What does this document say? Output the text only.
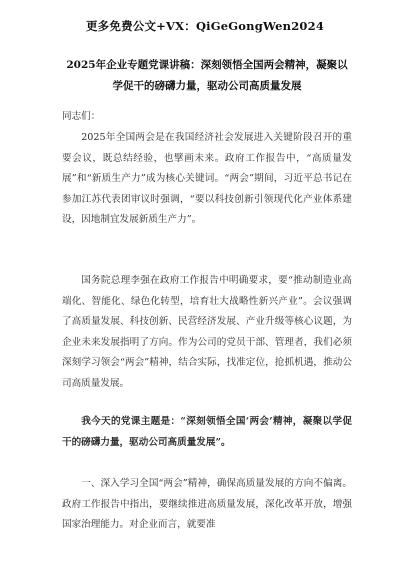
更多免费公文+VX：QiGeGongWen2024
2025年企业专题党课讲稿：深刻领悟全国两会精神，凝聚以学促干的磅礴力量，驱动公司高质量发展
同志们：

2025年全国两会是在我国经济社会发展进入关键阶段召开的重要会议，既总结经验，也擘画未来。政府工作报告中，“高质量发展”和“新质生产力”成为核心关键词。“两会”期间，习近平总书记在参加江苏代表团审议时强调，“要以科技创新引领现代化产业体系建设，因地制宜发展新质生产力”。

国务院总理李强在政府工作报告中明确要求，要“推动制造业高端化、智能化、绿色化转型，培育壮大战略性新兴产业”。会议强调了高质量发展、科技创新、民营经济发展、产业升级等核心议题，为企业未来发展指明了方向。作为公司的党员干部、管理者，我们必须深刻学习领会“两会”精神，结合实际，找准定位，抢抓机遇，推动公司高质量发展。

我今天的党课主题是：“深刻领悟全国‘两会’精神，凝聚以学促干的磅礴力量，驱动公司高质量发展”。

一、深入学习全国“两会”精神，确保高质量发展的方向不偏离。政府工作报告中指出，要继续推进高质量发展，深化改革开放，增强国家治理能力。对企业而言，就要准
